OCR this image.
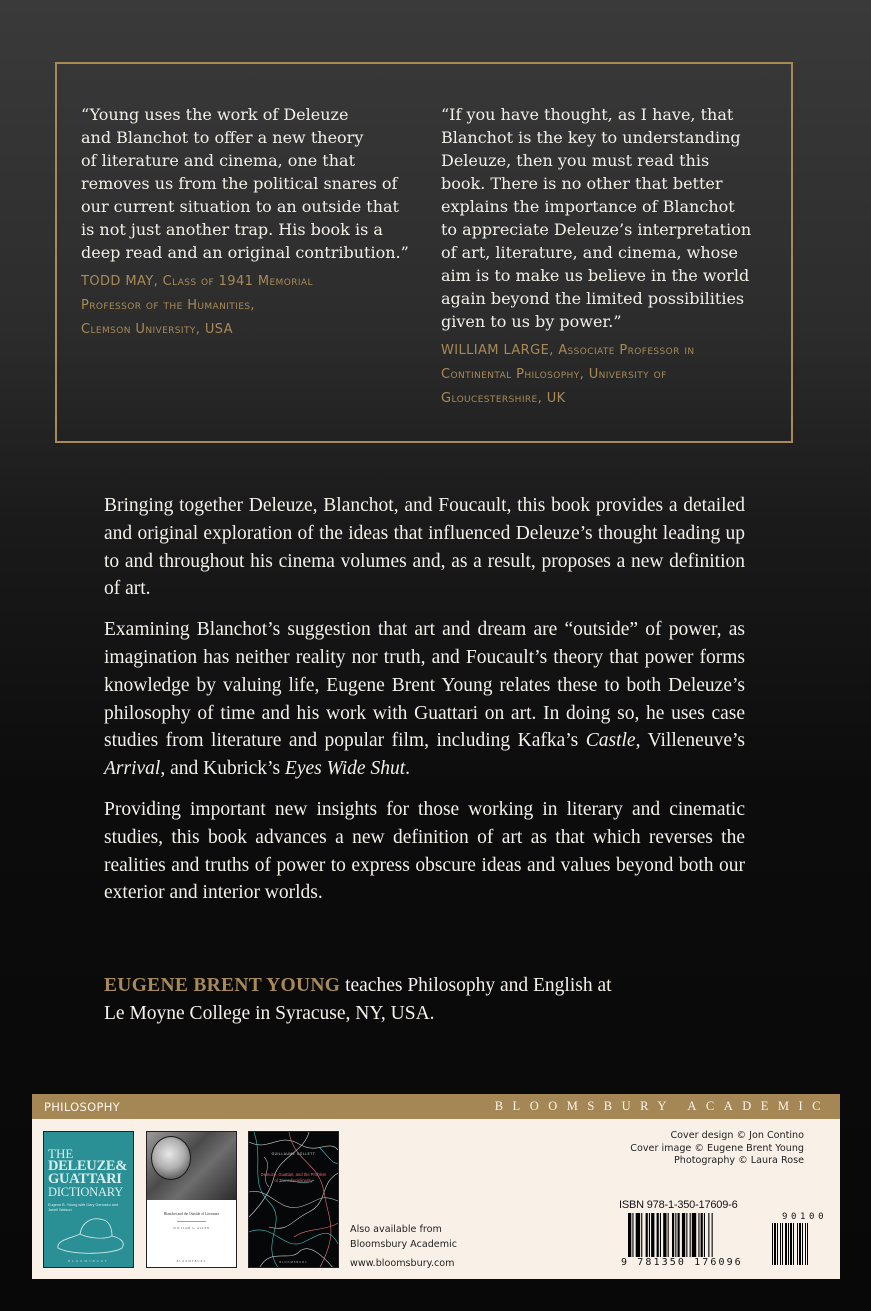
“Young uses the work of Deleuze
and Blanchot to offer a new theory
of literature and cinema, one that
removes us from the political snares of
our current situation to an outside that
is not just another trap. His book is a
deep read and an original contribution.”
TODD MAY, Class of 1941 Memorial
Professor of the Humanities,
Clemson University, USA
“If you have thought, as I have, that
Blanchot is the key to understanding
Deleuze, then you must read this
book. There is no other that better
explains the importance of Blanchot
to appreciate Deleuze’s interpretation
of art, literature, and cinema, whose
aim is to make us believe in the world
again beyond the limited possibilities
given to us by power.”
WILLIAM LARGE, Associate Professor in
Continental Philosophy, University of
Gloucestershire, UK

Bringing together Deleuze, Blanchot, and Foucault, this book provides a detailed and original exploration of the ideas that influenced Deleuze’s thought leading up to and throughout his cinema volumes and, as a result, proposes a new definition of art.

Examining Blanchot’s suggestion that art and dream are “outside” of power, as imagination has neither reality nor truth, and Foucault’s theory that power forms knowledge by valuing life, Eugene Brent Young relates these to both Deleuze’s philosophy of time and his work with Guattari on art. In doing so, he uses case studies from literature and popular film, including Kafka’s Castle, Villeneuve’s Arrival, and Kubrick’s Eyes Wide Shut.

Providing important new insights for those working in literary and cinematic studies, this book advances a new definition of art as that which reverses the realities and truths of power to express obscure ideas and values beyond both our exterior and interior worlds.

EUGENE BRENT YOUNG teaches Philosophy and English at
Le Moyne College in Syracuse, NY, USA.
PHILOSOPHY	BLOOMSBURY ACADEMIC
THE
DELEUZE&
GUATTARI
DICTIONARY
Eugene B. Young with Gary Genosko and Janell Watson
BLOOMSBURY
Blanchot and the Outside of Literature
WILLIAM S. ALLEN
BLOOMSBURY
GUILLAUME COLLETT
Deleuze, Guattari, and the Problem of Transdisciplinarity
BLOOMSBURY
Also available from
Bloomsbury Academic
www.bloomsbury.com
Cover design © Jon Contino
Cover image © Eugene Brent Young
Photography © Laura Rose
ISBN 978-1-350-17609-6
90100
9 781350 176096
